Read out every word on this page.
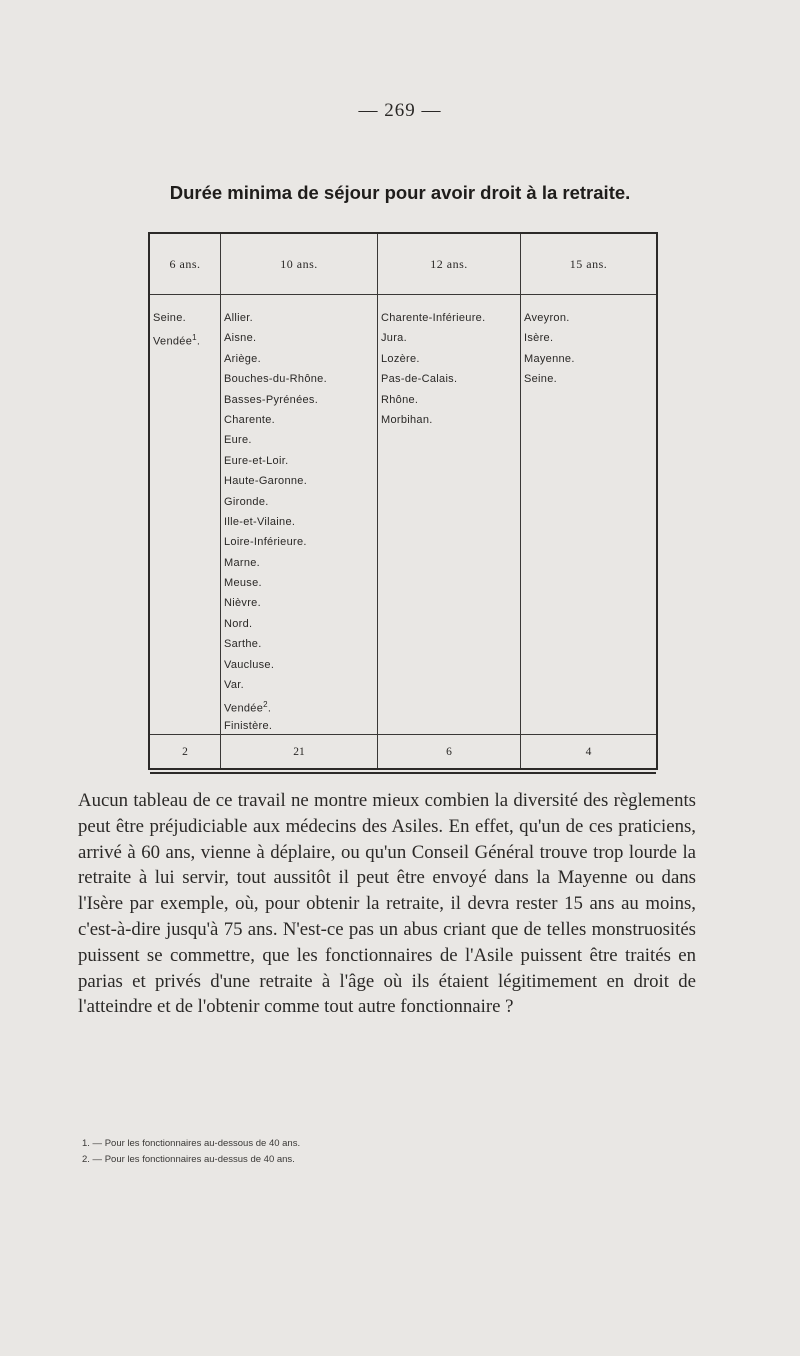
— 269 —
Durée minima de séjour pour avoir droit à la retraite.
6 ans.
Seine.
Vendée$^1$.
2
10 ans.
Allier.
Aisne.
Ariège.
Bouches-du-Rhône.
Basses-Pyrénées.
Charente.
Eure.
Eure-et-Loir.
Haute-Garonne.
Gironde.
Ille-et-Vilaine.
Loire-Inférieure.
Marne.
Meuse.
Nièvre.
Nord.
Sarthe.
Vaucluse.
Var.
Vendée$^2$.
Finistère.
21
12 ans.
Charente-Inférieure.
Jura.
Lozère.
Pas-de-Calais.
Rhône.
Morbihan.
6
15 ans.
Aveyron.
Isère.
Mayenne.
Seine.
4

Aucun tableau de ce travail ne montre mieux combien la diversité des règlements peut être préjudiciable aux médecins des Asiles. En effet, qu'un de ces praticiens, arrivé à 60 ans, vienne à déplaire, ou qu'un Conseil Général trouve trop lourde la retraite à lui servir, tout aussitôt il peut être envoyé dans la Mayenne ou dans l'Isère par exemple, où, pour obtenir la retraite, il devra rester 15 ans au moins, c'est-à-dire jusqu'à 75 ans. N'est-ce pas un abus criant que de telles monstruosités puissent se commettre, que les fonctionnaires de l'Asile puissent être traités en parias et privés d'une retraite à l'âge où ils étaient légitimement en droit de l'atteindre et de l'obtenir comme tout autre fonctionnaire ?

1. — Pour les fonctionnaires au-dessous de 40 ans.

2. — Pour les fonctionnaires au-dessus de 40 ans.
